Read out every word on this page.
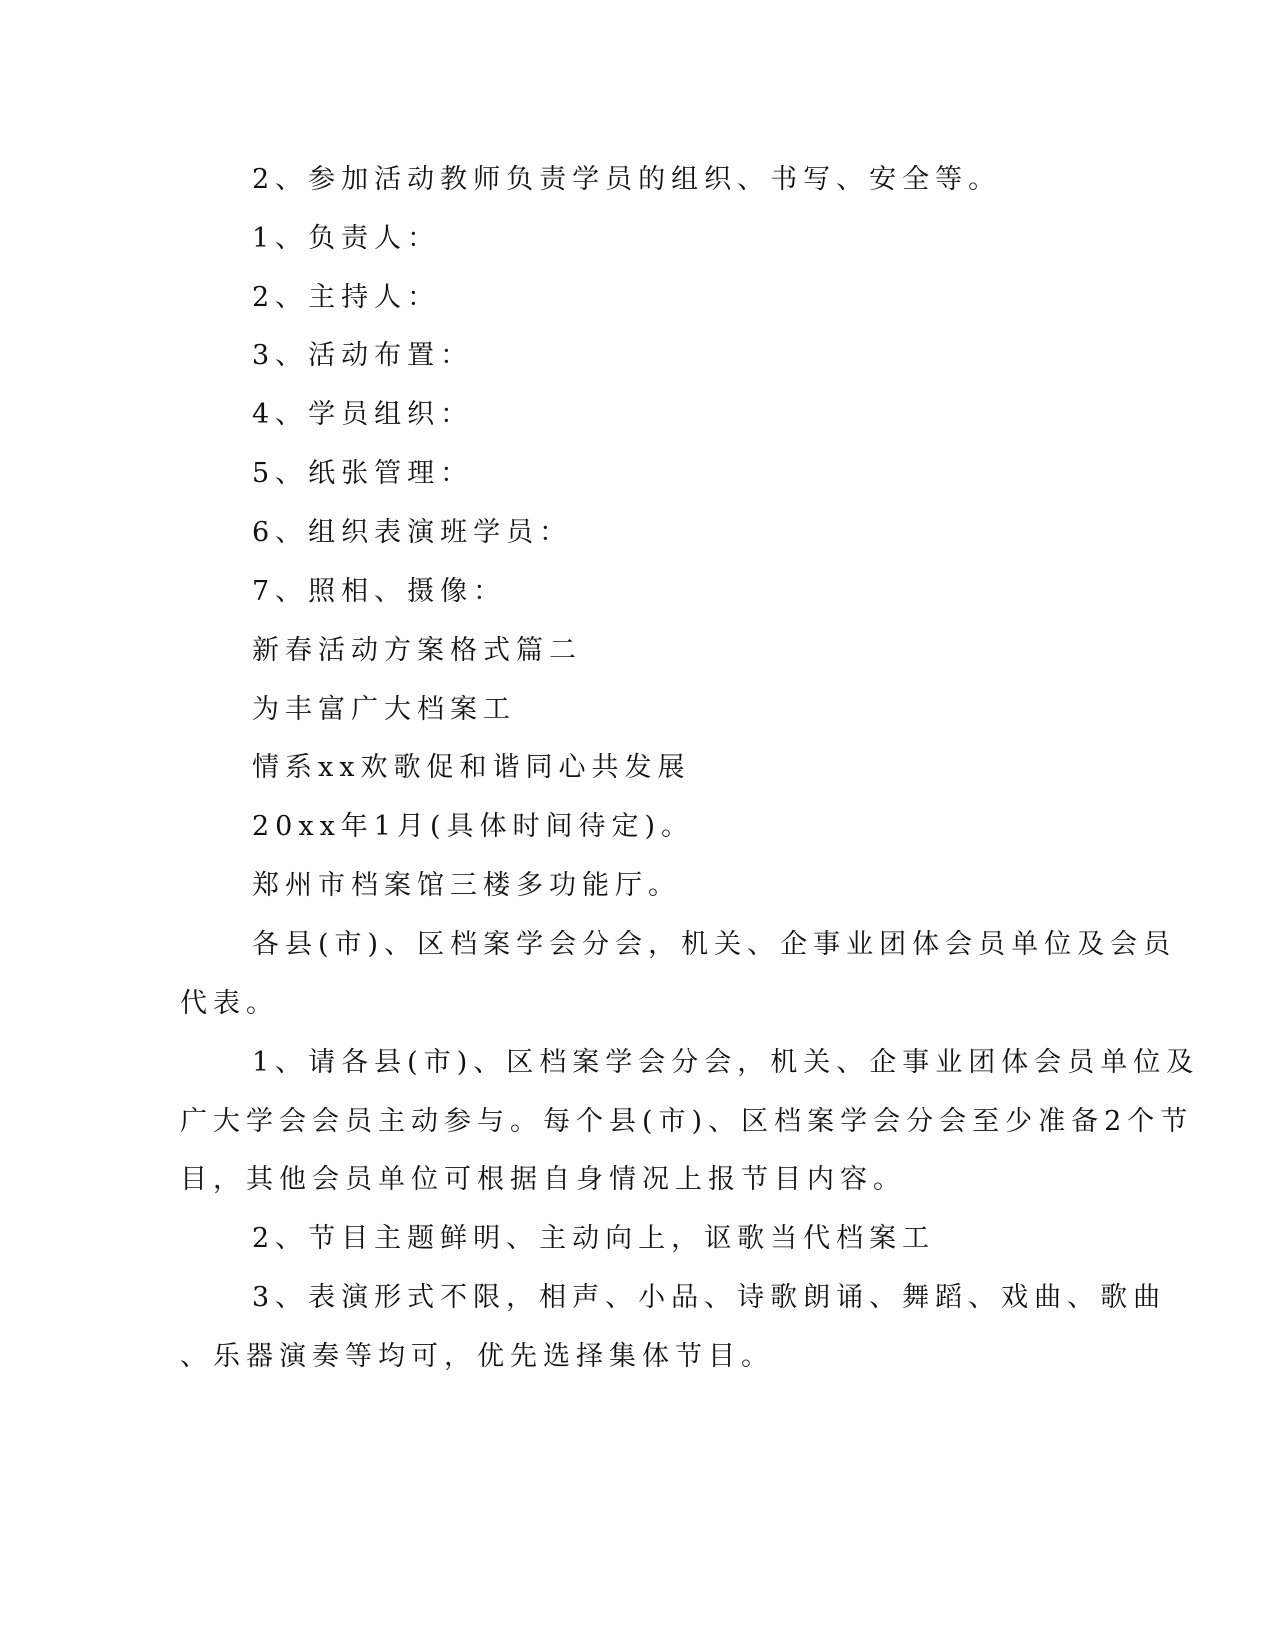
2、参加活动教师负责学员的组织、书写、安全等。
1、负责人：
2、主持人：
3、活动布置：
4、学员组织：
5、纸张管理：
6、组织表演班学员：
7、照相、摄像：
新春活动方案格式篇二
为丰富广大档案工
情系xx欢歌促和谐同心共发展
20xx年1月(具体时间待定)。
郑州市档案馆三楼多功能厅。
各县(市)、区档案学会分会，机关、企事业团体会员单位及会员
代表。
1、请各县(市)、区档案学会分会，机关、企事业团体会员单位及
广大学会会员主动参与。每个县(市)、区档案学会分会至少准备2个节
目，其他会员单位可根据自身情况上报节目内容。
2、节目主题鲜明、主动向上，讴歌当代档案工
3、表演形式不限，相声、小品、诗歌朗诵、舞蹈、戏曲、歌曲
、乐器演奏等均可，优先选择集体节目。
